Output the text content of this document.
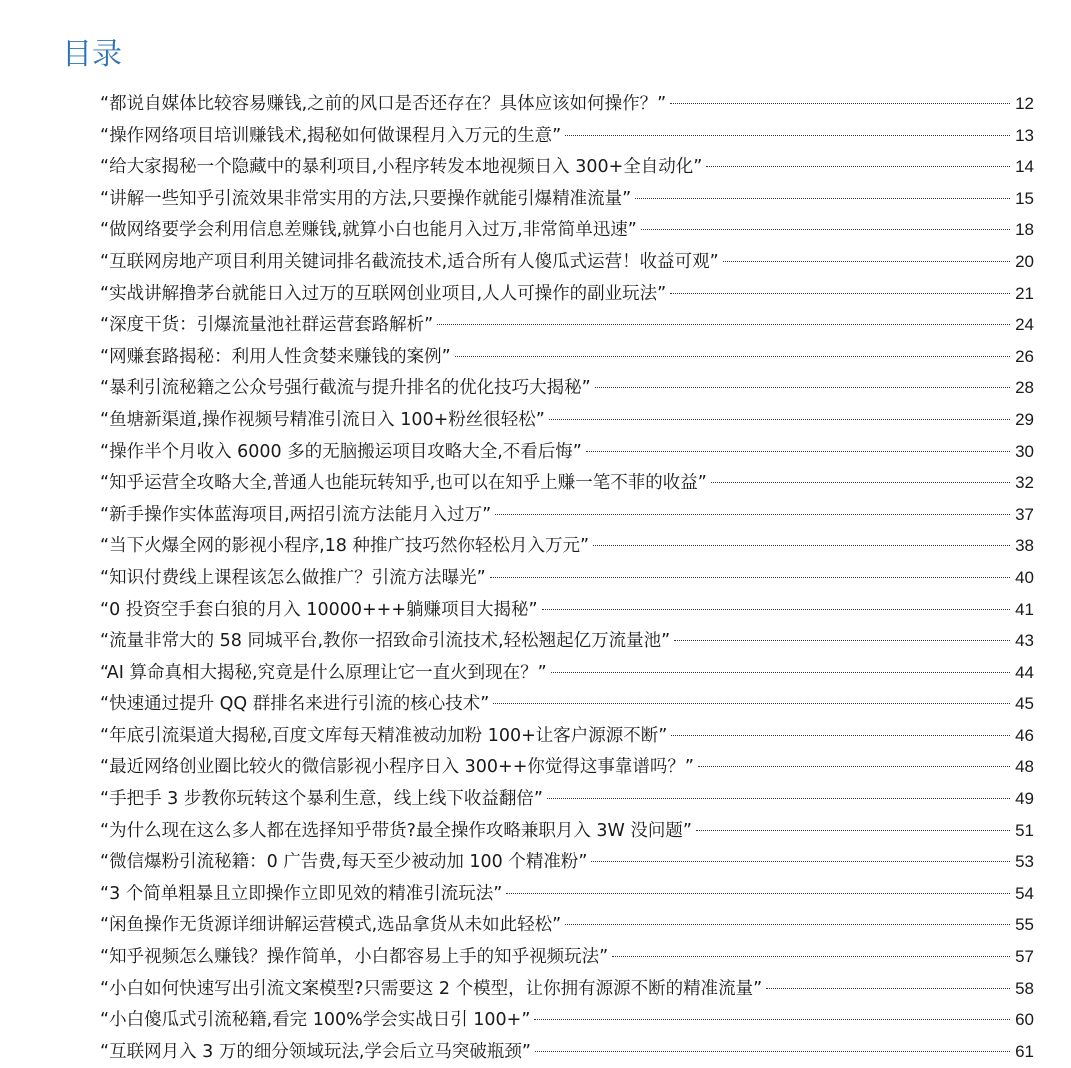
目录
“都说自媒体比较容易赚钱,之前的风口是否还存在？具体应该如何操作？”	12
“操作网络项目培训赚钱术,揭秘如何做课程月入万元的生意”	13
“给大家揭秘一个隐藏中的暴利项目,小程序转发本地视频日入 300+全自动化”	14
“讲解一些知乎引流效果非常实用的方法,只要操作就能引爆精准流量”	15
“做网络要学会利用信息差赚钱,就算小白也能月入过万,非常简单迅速”	18
“互联网房地产项目利用关键词排名截流技术,适合所有人傻瓜式运营！收益可观”	20
“实战讲解撸茅台就能日入过万的互联网创业项目,人人可操作的副业玩法”	21
“深度干货：引爆流量池社群运营套路解析”	24
“网赚套路揭秘：利用人性贪婪来赚钱的案例”	26
“暴利引流秘籍之公众号强行截流与提升排名的优化技巧大揭秘”	28
“鱼塘新渠道,操作视频号精准引流日入 100+粉丝很轻松”	29
“操作半个月收入 6000 多的无脑搬运项目攻略大全,不看后悔”	30
“知乎运营全攻略大全,普通人也能玩转知乎,也可以在知乎上赚一笔不菲的收益”	32
“新手操作实体蓝海项目,两招引流方法能月入过万”	37
“当下火爆全网的影视小程序,18 种推广技巧然你轻松月入万元”	38
“知识付费线上课程该怎么做推广？引流方法曝光”	40
“0 投资空手套白狼的月入 10000+++躺赚项目大揭秘”	41
“流量非常大的 58 同城平台,教你一招致命引流技术,轻松翘起亿万流量池”	43
“AI 算命真相大揭秘,究竟是什么原理让它一直火到现在？”	44
“快速通过提升 QQ 群排名来进行引流的核心技术”	45
“年底引流渠道大揭秘,百度文库每天精准被动加粉 100+让客户源源不断”	46
“最近网络创业圈比较火的微信影视小程序日入 300++你觉得这事靠谱吗？”	48
“手把手 3 步教你玩转这个暴利生意，线上线下收益翻倍”	49
“为什么现在这么多人都在选择知乎带货?最全操作攻略兼职月入 3W 没问题”	51
“微信爆粉引流秘籍：0 广告费,每天至少被动加 100 个精准粉”	53
“3 个简单粗暴且立即操作立即见效的精准引流玩法”	54
“闲鱼操作无货源详细讲解运营模式,选品拿货从未如此轻松”	55
“知乎视频怎么赚钱？操作简单，小白都容易上手的知乎视频玩法”	57
“小白如何快速写出引流文案模型?只需要这 2 个模型，让你拥有源源不断的精准流量”	58
“小白傻瓜式引流秘籍,看完 100%学会实战日引 100+”	60
“互联网月入 3 万的细分领域玩法,学会后立马突破瓶颈”	61
